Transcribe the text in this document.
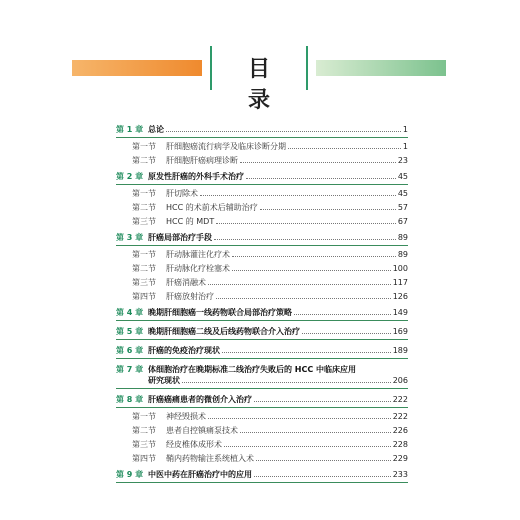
目 录
第 1 章 总论	1
第一节	肝细胞癌流行病学及临床诊断分期	1
第二节	肝细胞肝癌病理诊断	23
第 2 章 原发性肝癌的外科手术治疗	45
第一节	肝切除术	45
第二节	HCC 的术前术后辅助治疗	57
第三节	HCC 的 MDT	67
第 3 章 肝癌局部治疗手段	89
第一节	肝动脉灌注化疗术	89
第二节	肝动脉化疗栓塞术	100
第三节	肝癌消融术	117
第四节	肝癌放射治疗	126
第 4 章 晚期肝细胞癌一线药物联合局部治疗策略	149
第 5 章 晚期肝细胞癌二线及后线药物联合介入治疗	169
第 6 章 肝癌的免疫治疗现状	189
第 7 章 体细胞治疗在晚期标准二线治疗失败后的 HCC 中临床应用
研究现状	206
第 8 章 肝癌癌痛患者的微创介入治疗	222
第一节	神经毁损术	222
第二节	患者自控镇痛泵技术	226
第三节	经皮椎体成形术	228
第四节	鞘内药物输注系统植入术	229
第 9 章 中医中药在肝癌治疗中的应用	233
